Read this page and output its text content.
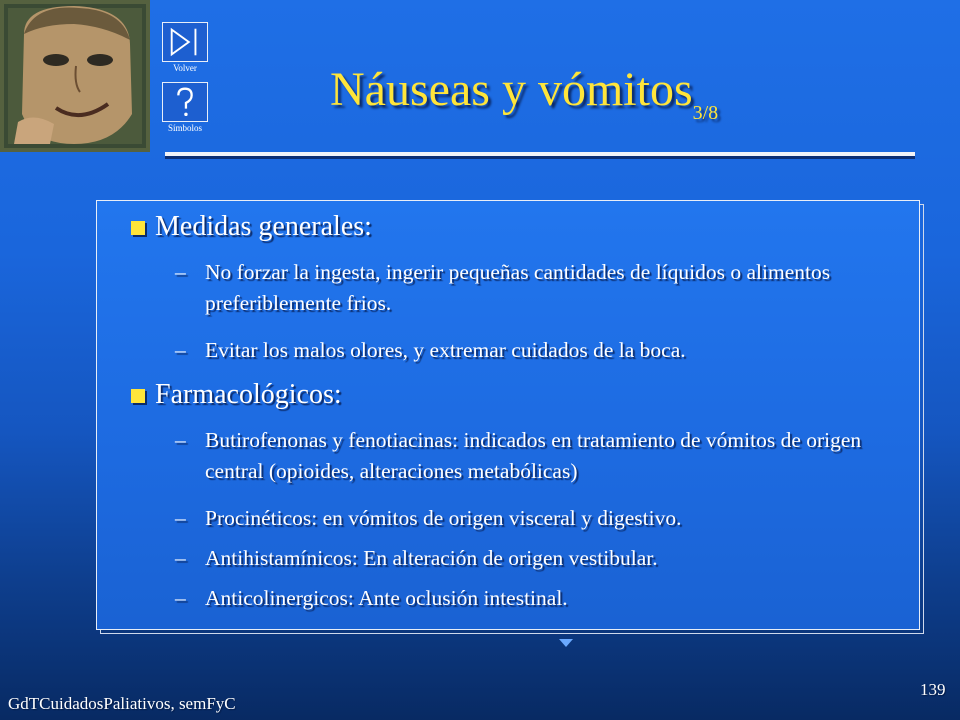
Volver
Símbolos
Náuseas y vómitos$_{3/8}$
Medidas generales:
– No forzar la ingesta, ingerir pequeñas cantidades de líquidos o alimentos preferiblemente frios.
– Evitar los malos olores, y extremar cuidados de la boca.
Farmacológicos:
– Butirofenonas y fenotiacinas: indicados en tratamiento de vómitos de origen central (opioides, alteraciones metabólicas)
– Procinéticos: en vómitos de origen visceral y digestivo.
– Antihistamínicos: En alteración de origen vestibular.
– Anticolinergicos: Ante oclusión intestinal.
GdTCuidadosPaliativos, semFyC
139
